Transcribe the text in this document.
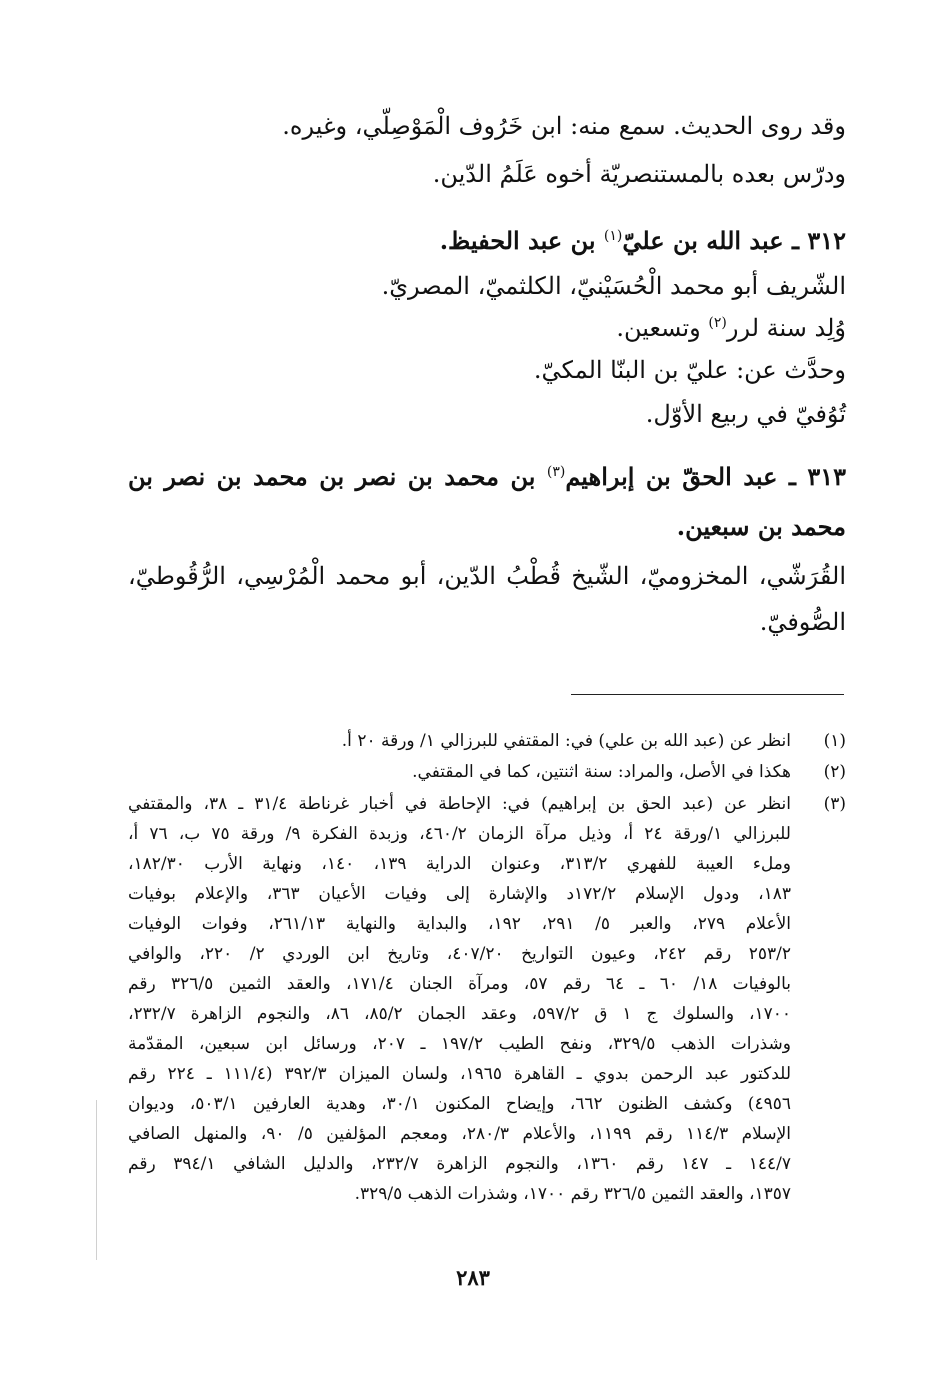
وقد روى الحديث. سمع منه: ابن خَرُوف الْمَوْصِلّي، وغيره.
ودرّس بعده بالمستنصريّة أخوه عَلَمُ الدّين.
٣١٢ ـ عبد الله بن عليّ$^{(١)}$ بن عبد الحفيظ.
الشّريف أبو محمد الْحُسَيْنيّ، الكلثميّ، المصريّ.
وُلِد سنة لرر$^{(٢)}$ وتسعين.
وحدَّث عن: عليّ بن البنّا المكيّ.
تُوُفيّ في ربيع الأوّل.
٣١٣ ـ عبد الحقّ بن إبراهيم$^{(٣)}$ بن محمد بن نصر بن محمد بن نصر بن
محمد بن سبعين.
القُرَشّي، المخزوميّ، الشّيخ قُطْبُ الدّين، أبو محمد الْمُرْسِي، الرُّقُوطيّ،
الصُّوفيّ.
(١)
انظر عن (عبد الله بن علي) في: المقتفي للبرزالي ١/ ورقة ٢٠ أ.
(٢)
هكذا في الأصل، والمراد: سنة اثنتين، كما في المقتفي.
(٣)
انظر عن (عبد الحق بن إبراهيم) في: الإحاطة في أخبار غرناطة ٣١/٤ ـ ٣٨، والمقتفي
للبرزالي ١/ورقة ٢٤ أ، وذيل مرآة الزمان ٤٦٠/٢، وزبدة الفكرة ٩/ ورقة ٧٥ ب، ٧٦ أ،
وملء العيبة للفهري ٣١٣/٢، وعنوان الدراية ١٣٩، ١٤٠، ونهاية الأرب ١٨٢/٣٠،
١٨٣، ودول الإسلام ١٧٢/٢د والإشارة إلى وفيات الأعيان ٣٦٣، والإعلام بوفيات
الأعلام ٢٧٩، والعبر ٥/ ٢٩١، ١٩٢، والبداية والنهاية ٢٦١/١٣، وفوات الوفيات
٢٥٣/٢ رقم ٢٤٢، وعيون التواريخ ٤٠٧/٢٠، وتاريخ ابن الوردي ٢/ ٢٢٠، والوافي
بالوفيات ١٨/ ٦٠ ـ ٦٤ رقم ٥٧، ومرآة الجنان ١٧١/٤، والعقد الثمين ٣٢٦/٥ رقم
١٧٠٠، والسلوك ج ١ ق ٥٩٧/٢، وعقد الجمان ٨٥/٢، ٨٦، والنجوم الزاهرة ٢٣٢/٧،
وشذرات الذهب ٣٢٩/٥، ونفح الطيب ١٩٧/٢ ـ ٢٠٧، ورسائل ابن سبعين، المقدّمة
للدكتور عبد الرحمن بدوي ـ القاهرة ١٩٦٥، ولسان الميزان ٣٩٢/٣ (١١١/٤ ـ ٢٢٤ رقم
٤٩٥٦) وكشف الظنون ٦٦٢، وإيضاح المكنون ٣٠/١، وهدية العارفين ٥٠٣/١، وديوان
الإسلام ١١٤/٣ رقم ١١٩٩، والأعلام ٢٨٠/٣، ومعجم المؤلفين ٥/ ٩٠، والمنهل الصافي
١٤٤/٧ ـ ١٤٧ رقم ١٣٦٠، والنجوم الزاهرة ٢٣٢/٧، والدليل الشافي ٣٩٤/١ رقم
١٣٥٧، والعقد الثمين ٣٢٦/٥ رقم ١٧٠٠، وشذرات الذهب ٣٢٩/٥.
٢٨٣
